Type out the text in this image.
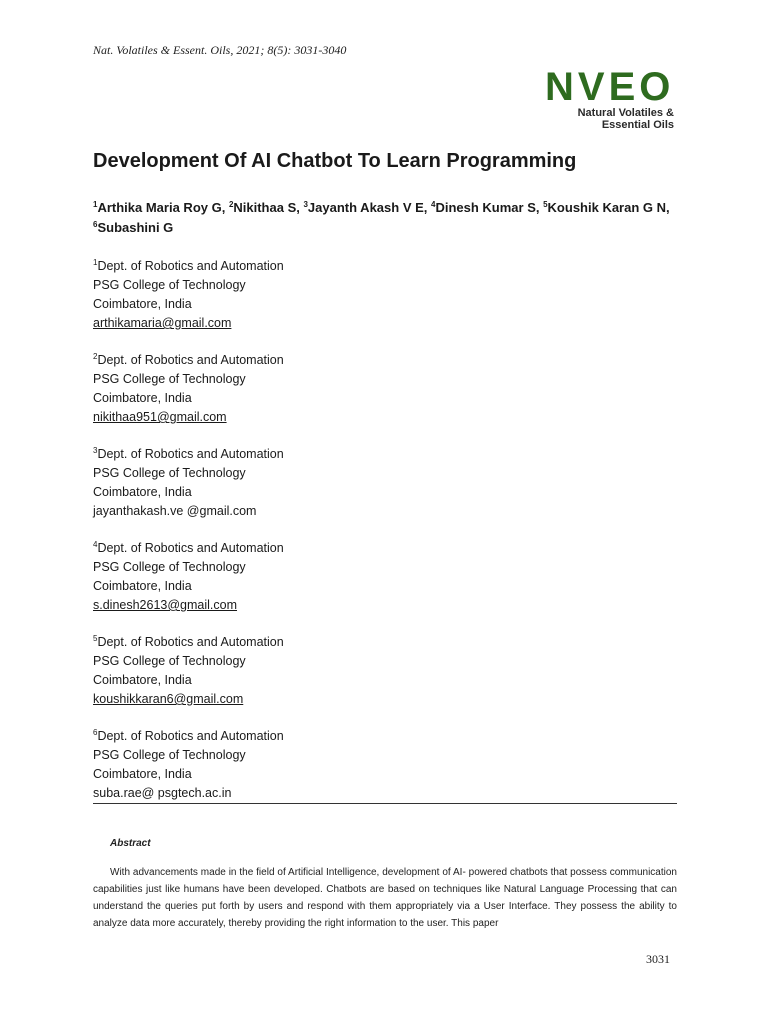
Nat. Volatiles & Essent. Oils, 2021; 8(5): 3031-3040
NVEO
Natural Volatiles &
Essential Oils
Development Of AI Chatbot To Learn Programming
$^1$Arthika Maria Roy G, $^2$Nikithaa S, $^3$Jayanth Akash V E, $^4$Dinesh Kumar S, $^5$Koushik Karan G N, $^6$Subashini G
$^1$Dept. of Robotics and Automation
PSG College of Technology
Coimbatore, India
arthikamaria@gmail.com
$^2$Dept. of Robotics and Automation
PSG College of Technology
Coimbatore, India
nikithaa951@gmail.com
$^3$Dept. of Robotics and Automation
PSG College of Technology
Coimbatore, India
jayanthakash.ve @gmail.com
$^4$Dept. of Robotics and Automation
PSG College of Technology
Coimbatore, India
s.dinesh2613@gmail.com
$^5$Dept. of Robotics and Automation
PSG College of Technology
Coimbatore, India
koushikkaran6@gmail.com
$^6$Dept. of Robotics and Automation
PSG College of Technology
Coimbatore, India
suba.rae@ psgtech.ac.in
Abstract
With advancements made in the field of Artificial Intelligence, development of AI- powered chatbots that possess communication capabilities just like humans have been developed. Chatbots are based on techniques like Natural Language Processing that can understand the queries put forth by users and respond with them appropriately via a User Interface. They possess the ability to analyze data more accurately, thereby providing the right information to the user. This paper
3031
